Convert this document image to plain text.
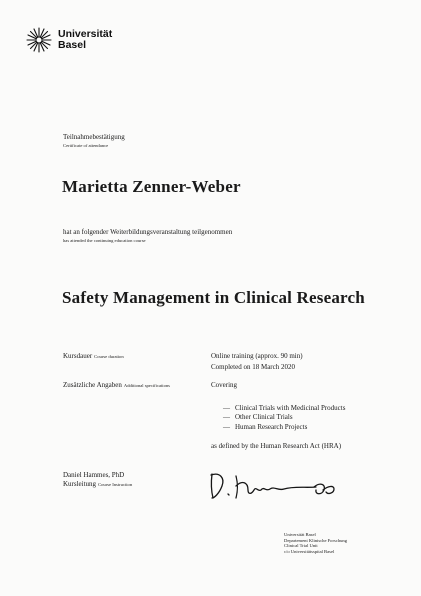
Universität
Basel
Teilnahmebestätigung
Certificate of attendance
Marietta Zenner-Weber
hat an folgender Weiterbildungsveranstaltung teilgenommen
has attended the continuing education course
Safety Management in Clinical Research
Kursdauer Course duration	Online training (approx. 90 min)
Completed on 18 March 2020
Zusätzliche Angaben Additional specifications	Covering
— Clinical Trials with Medicinal Products
— Other Clinical Trials
— Human Research Projects
as defined by the Human Research Act (HRA)
Daniel Hammes, PhD
Kursleitung Course Instruction
Universität Basel
Departement Klinische Forschung
Clinical Trial Unit
c/o Universitätsspital Basel
